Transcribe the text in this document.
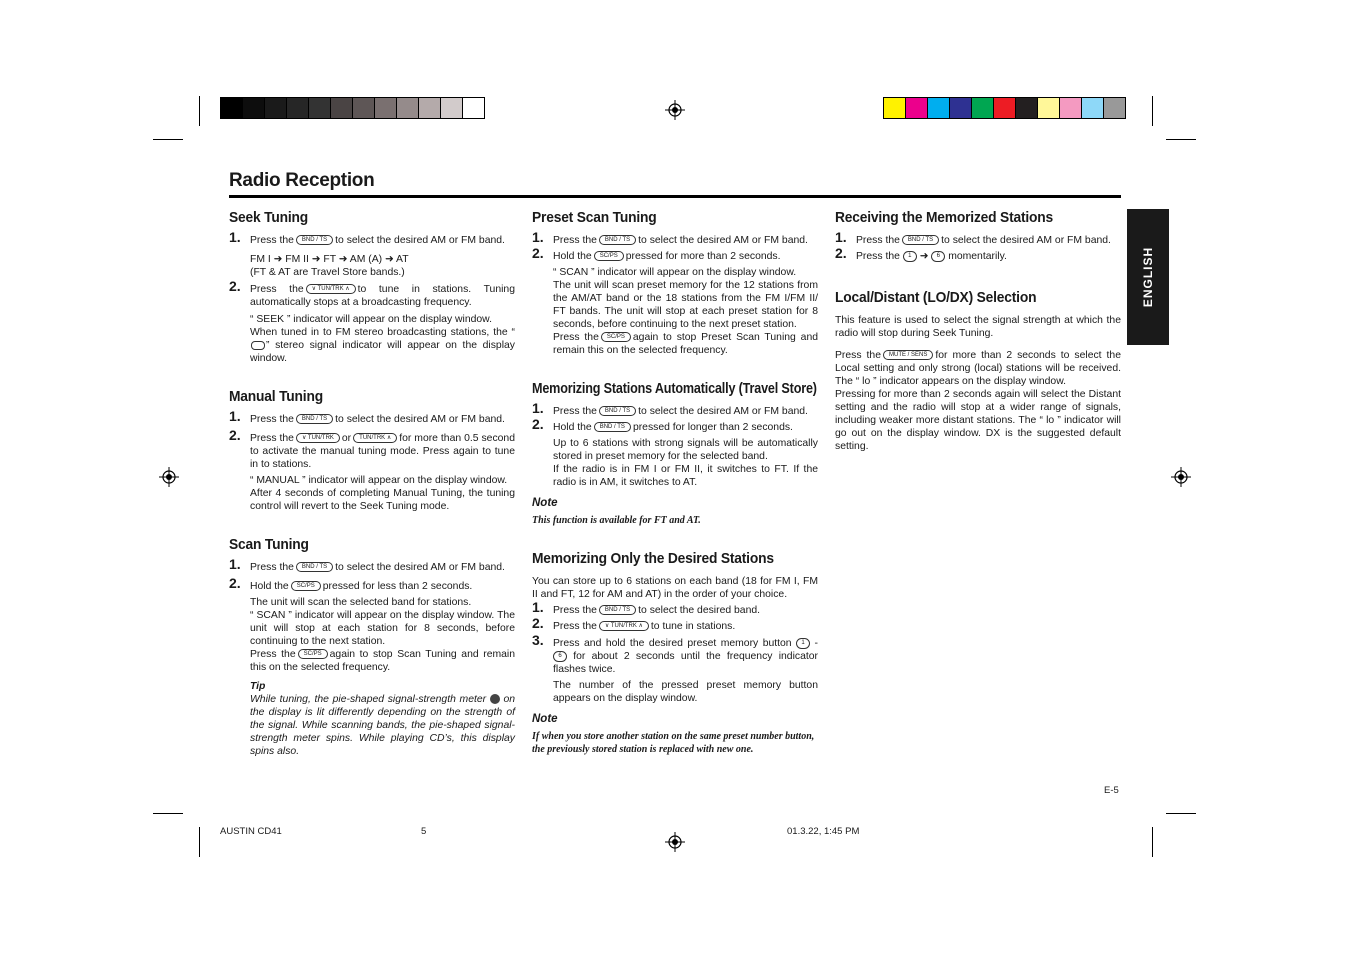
Radio Reception
ENGLISH
Seek Tuning
1. Press the BND / TS to select the desired AM or FM band.

FM I ➜ FM II ➜ FT ➜ AM (A) ➜ AT

(FT & AT are Travel Store bands.)

2. Press the ∨ TUN/TRK ∧ to tune in stations. Tuning automatically stops at a broadcasting frequency.

“ SEEK ” indicator will appear on the display window.

When tuned in to FM stereo broadcasting stations, the “” stereo signal indicator will appear on the display window.

Manual Tuning
1. Press the BND / TS to select the desired AM or FM band.
2. Press the ∨ TUN/TRK or TUN/TRK ∧ for more than 0.5 second to activate the manual tuning mode. Press again to tune in to stations.

“ MANUAL ” indicator will appear on the display window.

After 4 seconds of completing Manual Tuning, the tuning control will revert to the Seek Tuning mode.

Scan Tuning
1. Press the BND / TS to select the desired AM or FM band.
2. Hold the SC/PS pressed for less than 2 seconds.

The unit will scan the selected band for stations.

“ SCAN ” indicator will appear on the display window. The unit will stop at each station for 8 seconds, before continuing to the next station.

Press the SC/PS again to stop Scan Tuning and remain this on the selected frequency.

Tip

While tuning, the pie-shaped signal-strength meter on the display is lit differently depending on the strength of the signal. While scanning bands, the pie-shaped signal-strength meter spins. While playing CD’s, this display spins also.

Preset Scan Tuning
1. Press the BND / TS to select the desired AM or FM band.
2. Hold the SC/PS pressed for more than 2 seconds.

“ SCAN ” indicator will appear on the display window.

The unit will scan preset memory for the 12 stations from the AM/AT band or the 18 stations from the FM I/FM II/ FT bands. The unit will stop at each preset station for 8 seconds, before continuing to the next preset station.

Press the SC/PS again to stop Preset Scan Tuning and remain this on the selected frequency.

Memorizing Stations Automatically (Travel Store)
1. Press the BND / TS to select the desired AM or FM band.
2. Hold the BND / TS pressed for longer than 2 seconds.

Up to 6 stations with strong signals will be automatically stored in preset memory for the selected band.

If the radio is in FM I or FM II, it switches to FT. If the radio is in AM, it switches to AT.

Note

This function is available for FT and AT.

Memorizing Only the Desired Stations

You can store up to 6 stations on each band (18 for FM I, FM II and FT, 12 for AM and AT) in the order of your choice.

1. Press the BND / TS to select the desired band.
2. Press the ∨ TUN/TRK ∧ to tune in stations.
3. Press and hold the desired preset memory button 1 - 6 for about 2 seconds until the frequency indicator flashes twice.

The number of the pressed preset memory button appears on the display window.

Note

If when you store another station on the same preset number button, the previously stored station is replaced with new one.

Receiving the Memorized Stations
1. Press the BND / TS to select the desired AM or FM band.
2. Press the 1 ➜ 6 momentarily.
Local/Distant (LO/DX) Selection

This feature is used to select the signal strength at which the radio will stop during Seek Tuning.

Press the MUTE / SENS for more than 2 seconds to select the Local setting and only strong (local) stations will be received. The “ lo ” indicator appears on the display window.

Pressing for more than 2 seconds again will select the Distant setting and the radio will stop at a wider range of signals, including weaker more distant stations. The “ lo ” indicator will go out on the display window. DX is the suggested default setting.

E-5
AUSTIN CD41	5	01.3.22, 1:45 PM
